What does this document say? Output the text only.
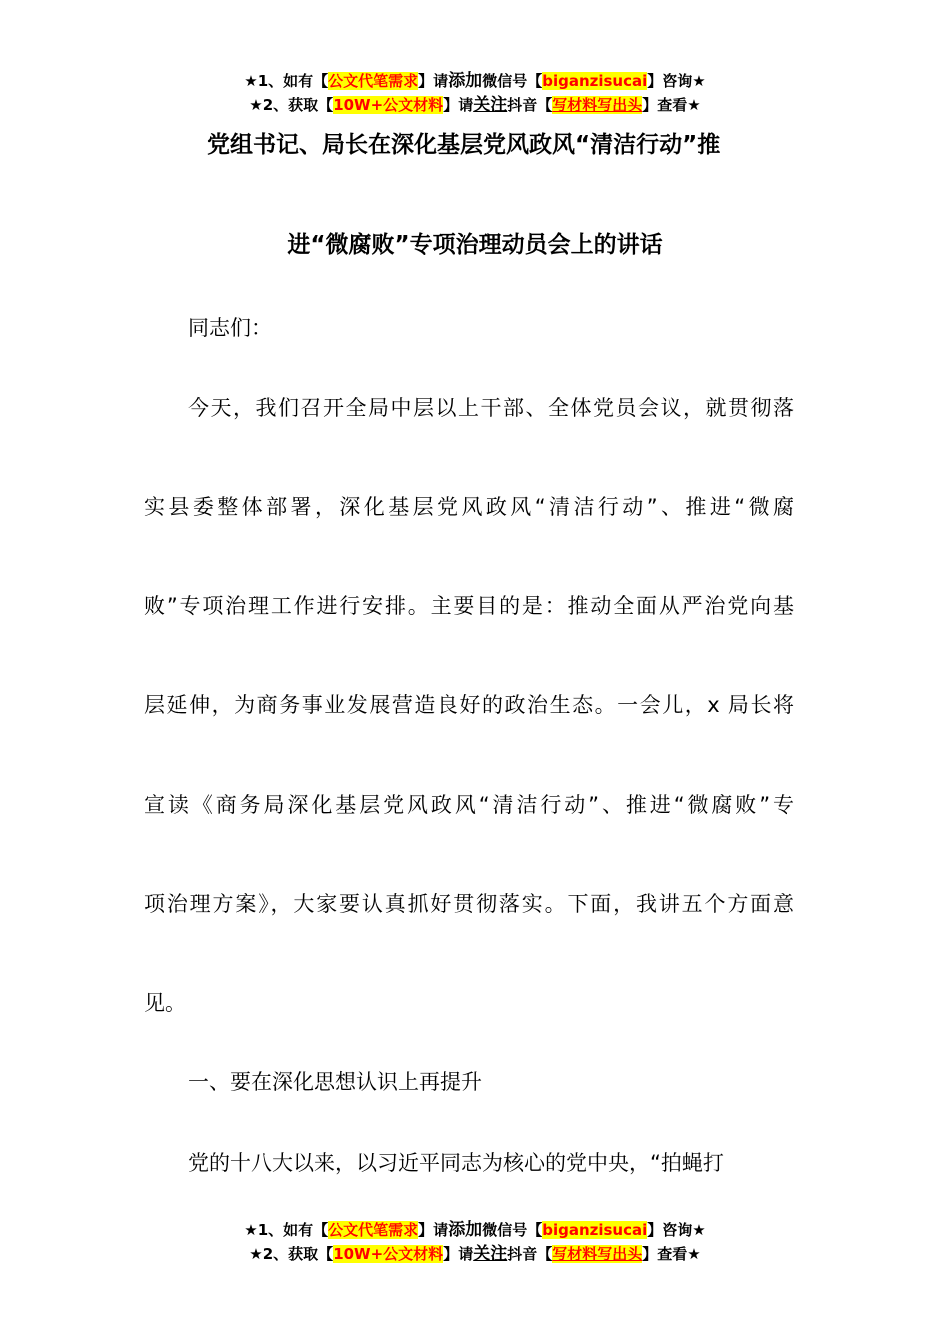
★1、如有【公文代笔需求】请添加微信号【biganzisucai】咨询★
★2、获取【10W+公文材料】请关注抖音【写材料写出头】查看★
党组书记、局长在深化基层党风政风“清洁行动”推
进“微腐败”专项治理动员会上的讲话
同志们：
今天，我们召开全局中层以上干部、全体党员会议，就贯彻落
实县委整体部署，深化基层党风政风“清洁行动”、推进“微腐
败”专项治理工作进行安排。主要目的是：推动全面从严治党向基
层延伸，为商务事业发展营造良好的政治生态。一会儿，x 局长将
宣读《商务局深化基层党风政风“清洁行动”、推进“微腐败”专
项治理方案》，大家要认真抓好贯彻落实。下面，我讲五个方面意
见。
一、要在深化思想认识上再提升
党的十八大以来，以习近平同志为核心的党中央，“拍蝇打
★1、如有【公文代笔需求】请添加微信号【biganzisucai】咨询★
★2、获取【10W+公文材料】请关注抖音【写材料写出头】查看★
